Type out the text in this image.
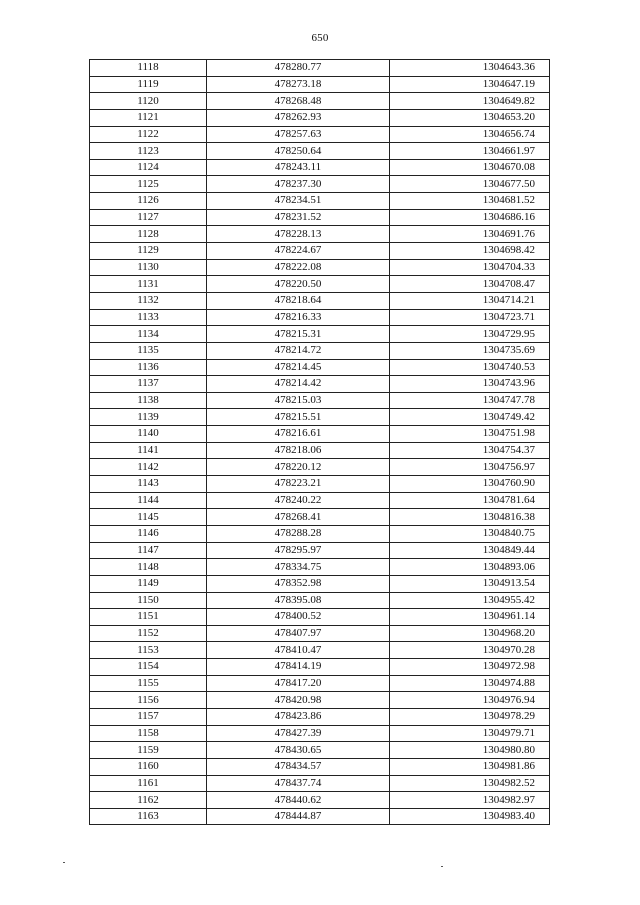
650
1118	478280.77	1304643.36
1119	478273.18	1304647.19
1120	478268.48	1304649.82
1121	478262.93	1304653.20
1122	478257.63	1304656.74
1123	478250.64	1304661.97
1124	478243.11	1304670.08
1125	478237.30	1304677.50
1126	478234.51	1304681.52
1127	478231.52	1304686.16
1128	478228.13	1304691.76
1129	478224.67	1304698.42
1130	478222.08	1304704.33
1131	478220.50	1304708.47
1132	478218.64	1304714.21
1133	478216.33	1304723.71
1134	478215.31	1304729.95
1135	478214.72	1304735.69
1136	478214.45	1304740.53
1137	478214.42	1304743.96
1138	478215.03	1304747.78
1139	478215.51	1304749.42
1140	478216.61	1304751.98
1141	478218.06	1304754.37
1142	478220.12	1304756.97
1143	478223.21	1304760.90
1144	478240.22	1304781.64
1145	478268.41	1304816.38
1146	478288.28	1304840.75
1147	478295.97	1304849.44
1148	478334.75	1304893.06
1149	478352.98	1304913.54
1150	478395.08	1304955.42
1151	478400.52	1304961.14
1152	478407.97	1304968.20
1153	478410.47	1304970.28
1154	478414.19	1304972.98
1155	478417.20	1304974.88
1156	478420.98	1304976.94
1157	478423.86	1304978.29
1158	478427.39	1304979.71
1159	478430.65	1304980.80
1160	478434.57	1304981.86
1161	478437.74	1304982.52
1162	478440.62	1304982.97
1163	478444.87	1304983.40
